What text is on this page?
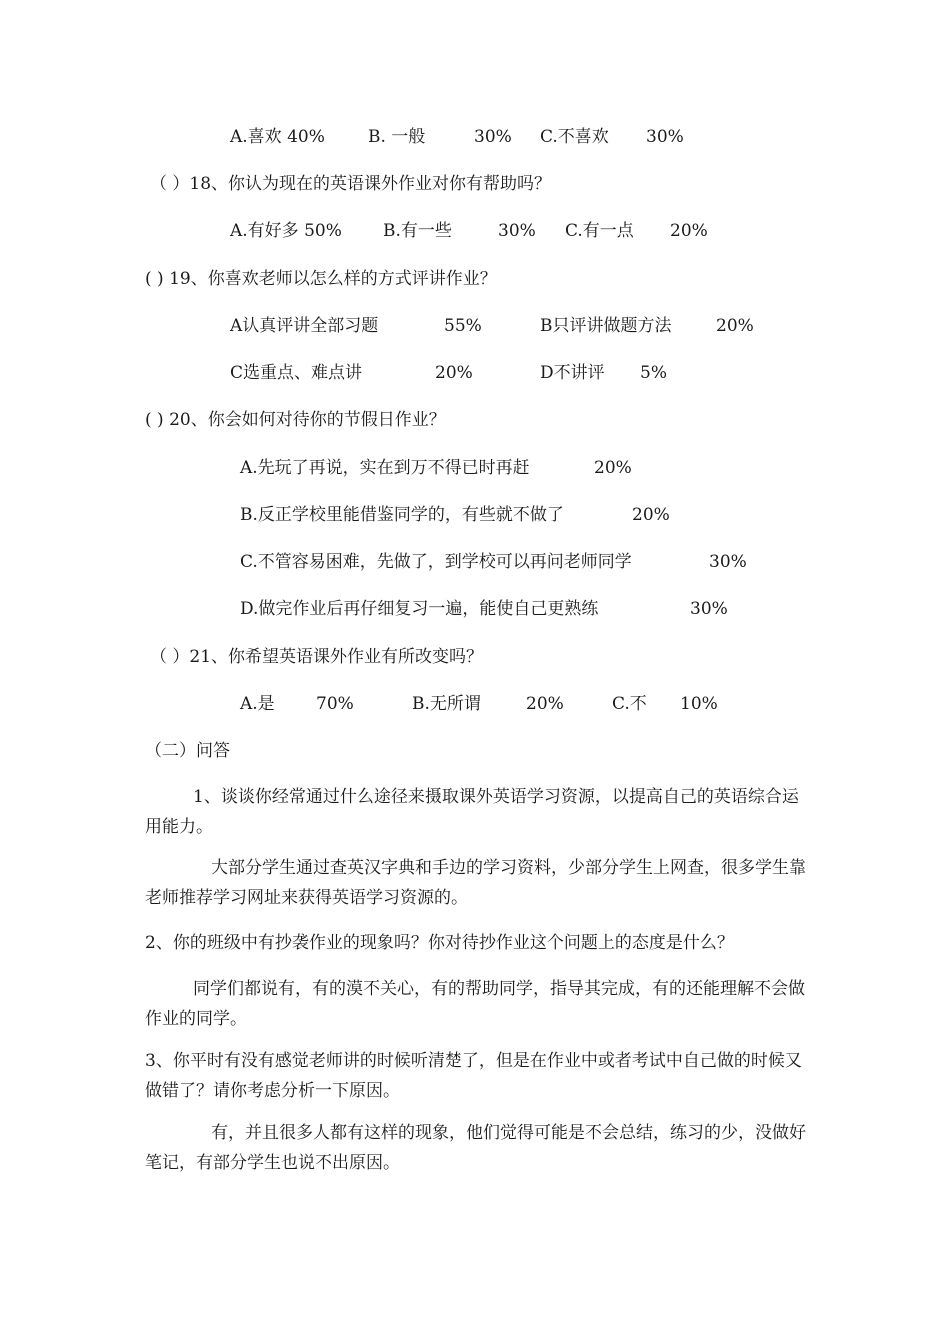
A.喜欢 40%	B. 一般	30% C.不喜欢 30%
（ ）18、你认为现在的英语课外作业对你有帮助吗？
A.有好多 50% B.有一些	30% C.有一点 20%
( ) 19、你喜欢老师以怎么样的方式评讲作业？
A认真评讲全部习题	55%	B只评讲做题方法	20%
C选重点、难点讲	20%	D不讲评 5%
( ) 20、你会如何对待你的节假日作业？
A.先玩了再说，实在到万不得已时再赶	20%
B.反正学校里能借鉴同学的，有些就不做了	20%
C.不管容易困难，先做了，到学校可以再问老师同学	30%
D.做完作业后再仔细复习一遍，能使自己更熟练	30%
（ ）21、你希望英语课外作业有所改变吗？
A.是 70%	B.无所谓	20%	C.不 10%
（二）问答
1、谈谈你经常通过什么途径来摄取课外英语学习资源，以提高自己的英语综合运用能力。
大部分学生通过查英汉字典和手边的学习资料，少部分学生上网查，很多学生靠老师推荐学习网址来获得英语学习资源的。
2、你的班级中有抄袭作业的现象吗？你对待抄作业这个问题上的态度是什么？
同学们都说有，有的漠不关心，有的帮助同学，指导其完成，有的还能理解不会做作业的同学。
3、你平时有没有感觉老师讲的时候听清楚了，但是在作业中或者考试中自己做的时候又做错了？请你考虑分析一下原因。
有，并且很多人都有这样的现象，他们觉得可能是不会总结，练习的少，没做好笔记，有部分学生也说不出原因。
